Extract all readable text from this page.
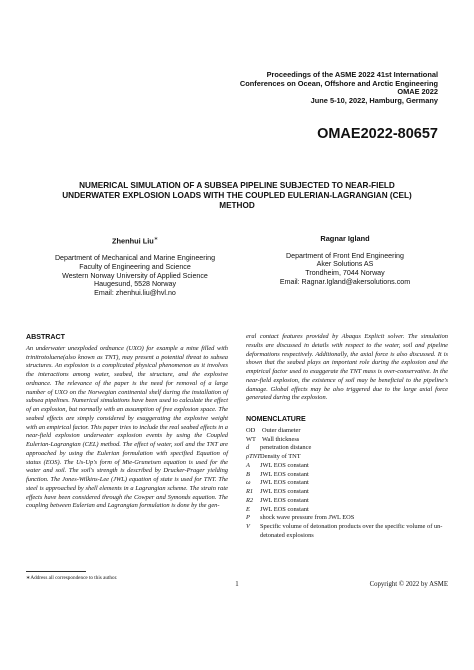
Proceedings of the ASME 2022 41st International
Conferences on Ocean, Offshore and Arctic Engineering
OMAE 2022
June 5-10, 2022, Hamburg, Germany
OMAE2022-80657
NUMERICAL SIMULATION OF A SUBSEA PIPELINE SUBJECTED TO NEAR-FIELD UNDERWATER EXPLOSION LOADS WITH THE COUPLED EULERIAN-LAGRANGIAN (CEL) METHOD
Zhenhui Liu∗
Department of Mechanical and Marine Engineering
Faculty of Engineering and Science
Western Norway University of Applied Science
Haugesund, 5528 Norway
Email: zhenhui.liu@hvl.no
Ragnar Igland
Department of Front End Engineering
Aker Solutions AS
Trondheim, 7044 Norway
Email: Ragnar.Igland@akersolutions.com
ABSTRACT
An underwater unexploded ordnance (UXO) for example a mine filled with trinitrotoluene(also known as TNT), may present a potential threat to subsea structures. An explosion is a complicated physical phenomenon as it involves the interactions among water, seabed, the structure, and the explosive ordnance. The relevance of the paper is the need for removal of a large number of UXO on the Norwegian continental shelf during the installation of subsea pipelines. Numerical simulations have been used to calculate the effect of an explosion, but normally with an assumption of free explosion space. The seabed effects are simply considered by exaggerating the explosive weight with an empirical factor. This paper tries to include the real seabed effects in a near-field explosion underwater explosion events by using the Coupled Eulerian-Lagrangian (CEL) method. The effect of water, soil and the TNT are approached by using the Eulerian formulation with specified Equation of status (EOS). The Us-Up's form of Mie-Gruneisen equation is used for the water and soil. The soil's strength is described by Drucker-Prager yielding function. The Jones-Wilkins-Lee (JWL) equation of state is used for TNT. The steel is approached by shell elements in a Lagrangian scheme. The strain rate effects have been considered through the Cowper and Symonds equation. The coupling between Eulerian and Lagrangian formulation is done by the gen-
eral contact features provided by Abaqus Explicit solver. The simulation results are discussed in details with respect to the water, soil and pipeline deformations respectively. Additionally, the axial force is also discussed. It is shown that the seabed plays an important role during the explosion and the empirical factor used to exaggerate the TNT mass is over-conservative. In the near-field explosion, the existence of soil may be beneficial to the pipeline's damage. Global effects may be also triggered due to the large axial force generated during the explosion.
NOMENCLATURE
OD	Outer diameter
WT Wall thickness
d	penetration distance
ρTNT Density of TNT
A	JWL EOS constant
B	JWL EOS constant
ω	JWL EOS constant
R1	JWL EOS constant
R2	JWL EOS constant
E	JWL EOS constant
P	shock wave pressure from JWL EOS
V	Specific volume of detonation products over the specific volume of un-detonated explosions
∗Address all correspondence to this author.
1	Copyright © 2022 by ASME
